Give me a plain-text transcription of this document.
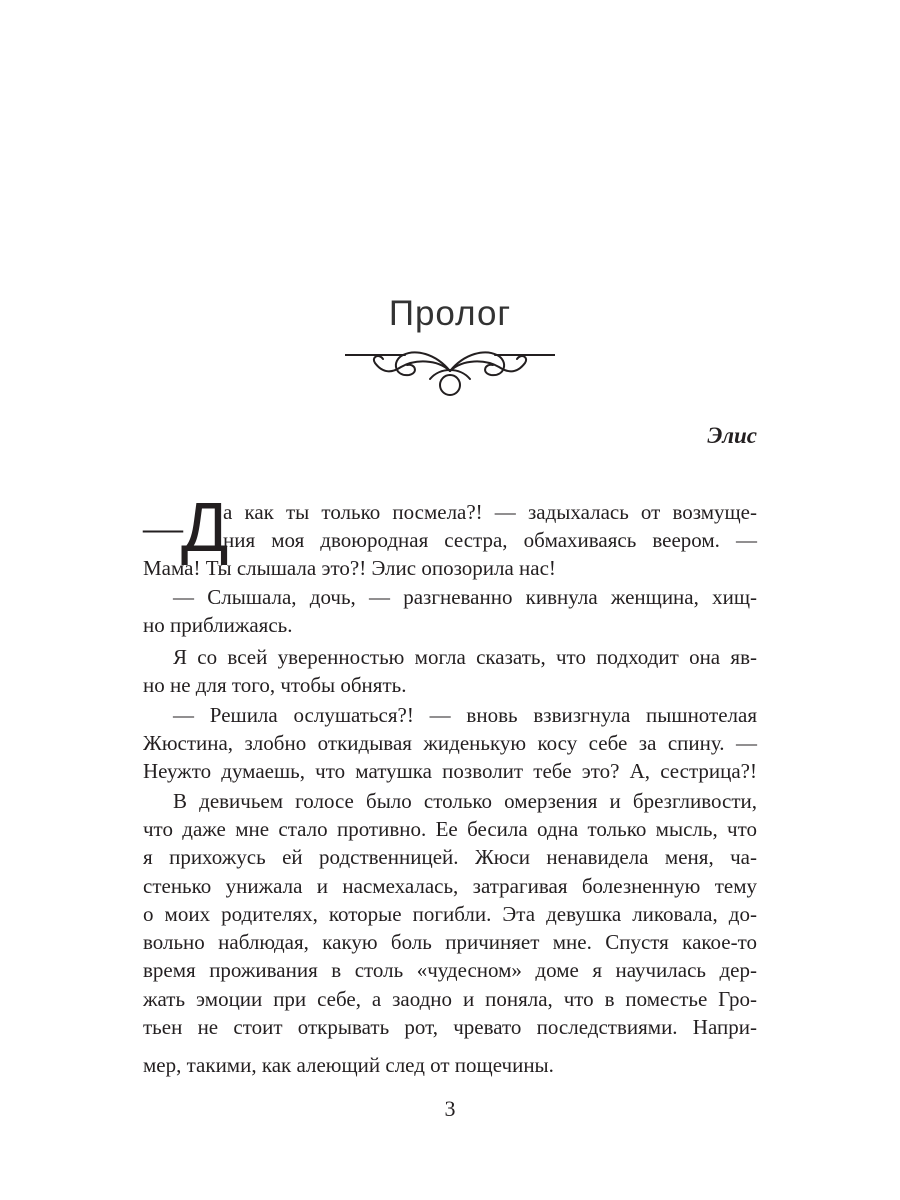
Пролог
Элис
—
Д
а как ты только посмела?! — задыхалась от возмуще-
ния моя двоюродная сестра, обмахиваясь веером. —
Мама! Ты слышала это?! Элис опозорила нас!
— Слышала, дочь, — разгневанно кивнула женщина, хищ-
но приближаясь.
Я со всей уверенностью могла сказать, что подходит она яв-
но не для того, чтобы обнять.
— Решила ослушаться?! — вновь взвизгнула пышнотелая
Жюстина, злобно откидывая жиденькую косу себе за спину. —
Неужто думаешь, что матушка позволит тебе это? А, сестрица?!
В девичьем голосе было столько омерзения и брезгливости,
что даже мне стало противно. Ее бесила одна только мысль, что
я прихожусь ей родственницей. Жюси ненавидела меня, ча-
стенько унижала и насмехалась, затрагивая болезненную тему
о моих родителях, которые погибли. Эта девушка ликовала, до-
вольно наблюдая, какую боль причиняет мне. Спустя какое-то
время проживания в столь «чудесном» доме я научилась дер-
жать эмоции при себе, а заодно и поняла, что в поместье Гро-
тьен не стоит открывать рот, чревато последствиями. Напри-
мер, такими, как алеющий след от пощечины.
3
